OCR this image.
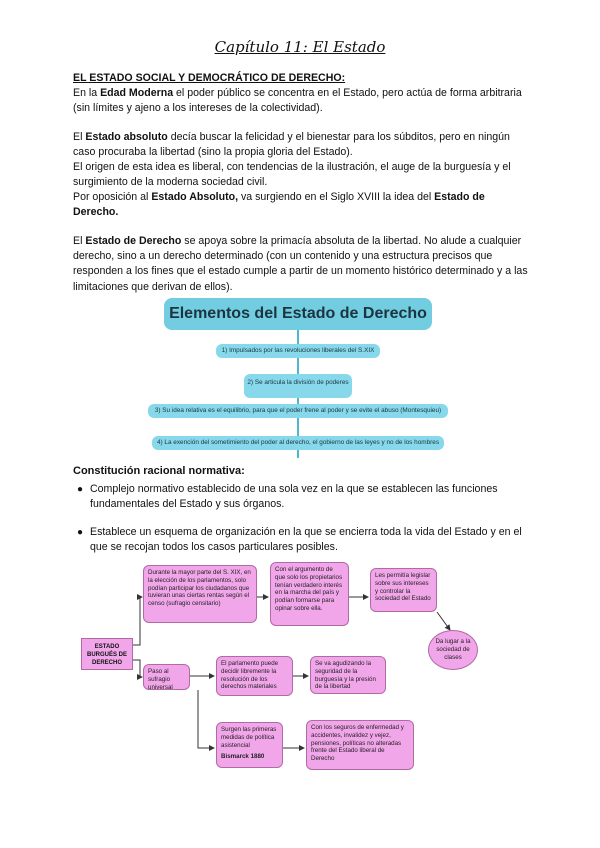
Capítulo 11: El Estado
EL ESTADO SOCIAL Y DEMOCRÁTICO DE DERECHO:
En la Edad Moderna el poder público se concentra en el Estado, pero actúa de forma arbitraria (sin límites y ajeno a los intereses de la colectividad).
El Estado absoluto decía buscar la felicidad y el bienestar para los súbditos, pero en ningún caso procuraba la libertad (sino la propia gloria del Estado).
El origen de esta idea es liberal, con tendencias de la ilustración, el auge de la burguesía y el surgimiento de la moderna sociedad civil.
Por oposición al Estado Absoluto, va surgiendo en el Siglo XVIII la idea del Estado de Derecho.
El Estado de Derecho se apoya sobre la primacía absoluta de la libertad. No alude a cualquier derecho, sino a un derecho determinado (con un contenido y una estructura precisos que responden a los fines que el estado cumple a partir de un momento histórico determinado y a las limitaciones que derivan de ellos).
Elementos del Estado de Derecho
1) Impulsados por las revoluciones liberales del S.XIX
2) Se articula la división de poderes
3) Su idea relativa es el equilibrio, para que el poder frene al poder y se evite el abuso (Montesquieu)
4) La exención del sometimiento del poder al derecho, el gobierno de las leyes y no de los hombres
Constitución racional normativa:
● Complejo normativo establecido de una sola vez en la que se establecen las funciones fundamentales del Estado y sus órganos.
● Establece un esquema de organización en la que se encierra toda la vida del Estado y en el que se recojan todos los casos particulares posibles.
ESTADO BURGUÉS DE DERECHO
Durante la mayor parte del S. XIX, en la elección de los parlamentos, solo podían participar los ciudadanos que tuvieran unas ciertas rentas según el censo (sufragio censitario)
Con el argumento de que solo los propietarios tenían verdadero interés en la marcha del país y podían formarse para opinar sobre ella.
Les permitía legislar sobre sus intereses y controlar la sociedad del Estado
Da lugar a la sociedad de clases
Paso al sufragio universal
El parlamento puede decidir libremente la resolución de los derechos materiales
Se va agudizando la seguridad de la burguesía y la presión de la libertad
Surgen las primeras medidas de política asistencial
Bismarck 1880
Con los seguros de enfermedad y accidentes, invalidez y vejez, pensiones, políticas no alteradas frente del Estado liberal de Derecho
